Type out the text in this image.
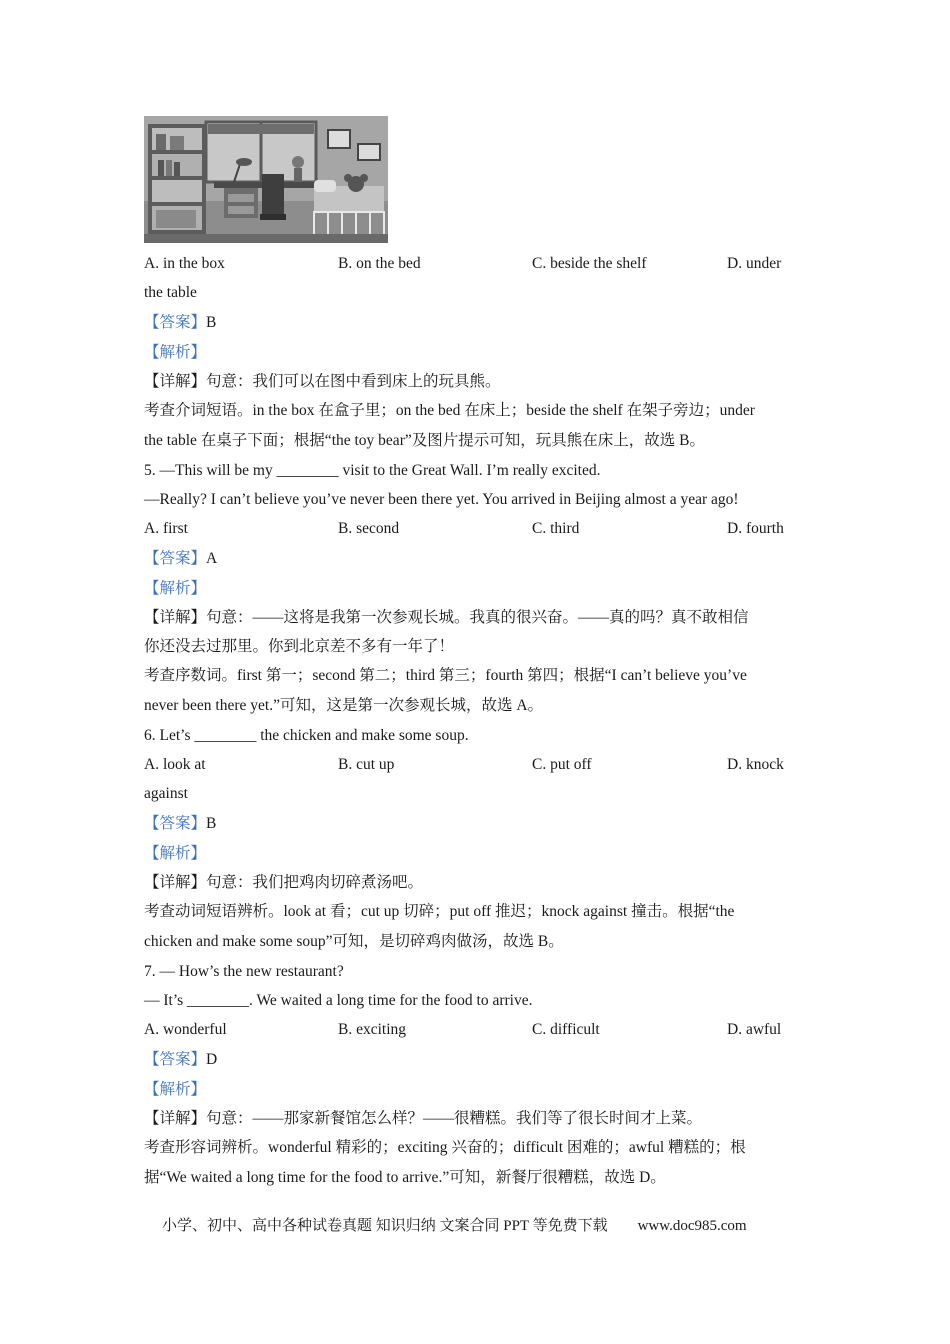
A. in the box	B. on the bed	C. beside the shelf	D. under
the table
【答案】B
【解析】
【详解】句意：我们可以在图中看到床上的玩具熊。
考查介词短语。in the box 在盒子里；on the bed 在床上；beside the shelf 在架子旁边；under
the table 在桌子下面；根据“the toy bear”及图片提示可知，玩具熊在床上，故选 B。
5. —This will be my ________ visit to the Great Wall. I’m really excited.
—Really? I can’t believe you’ve never been there yet. You arrived in Beijing almost a year ago!
A. first	B. second	C. third	D. fourth
【答案】A
【解析】
【详解】句意：——这将是我第一次参观长城。我真的很兴奋。——真的吗？真不敢相信
你还没去过那里。你到北京差不多有一年了！
考查序数词。first 第一；second 第二；third 第三；fourth 第四；根据“I can’t believe you’ve
never been there yet.”可知，这是第一次参观长城，故选 A。
6. Let’s ________ the chicken and make some soup.
A. look at	B. cut up	C. put off	D. knock
against
【答案】B
【解析】
【详解】句意：我们把鸡肉切碎煮汤吧。
考查动词短语辨析。look at 看；cut up 切碎；put off 推迟；knock against 撞击。根据“the
chicken and make some soup”可知，是切碎鸡肉做汤，故选 B。
7. — How’s the new restaurant?
— It’s ________. We waited a long time for the food to arrive.
A. wonderful	B. exciting	C. difficult	D. awful
【答案】D
【解析】
【详解】句意：——那家新餐馆怎么样？——很糟糕。我们等了很长时间才上菜。
考查形容词辨析。wonderful 精彩的；exciting 兴奋的；difficult 困难的；awful 糟糕的；根
据“We waited a long time for the food to arrive.”可知，新餐厅很糟糕，故选 D。
小学、初中、高中各种试卷真题 知识归纳 文案合同 PPT 等免费下载 www.doc985.com
